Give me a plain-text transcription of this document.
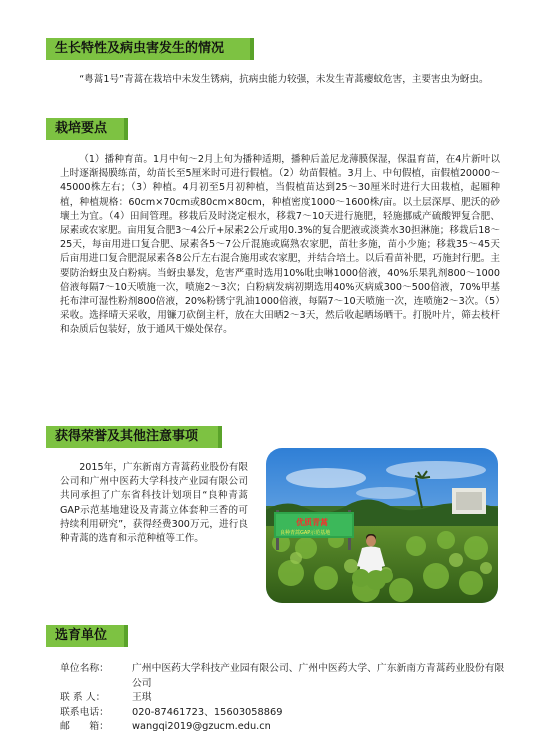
生长特性及病虫害发生的情况

“粤蒿1号”青蒿在栽培中未发生锈病，抗病虫能力较强，未发生青蒿瘿蚊危害，主要害虫为蚜虫。

栽培要点

（1）播种育苗。1月中旬～2月上旬为播种适期，播种后盖尼龙薄膜保湿，保温育苗，在4片新叶以上时逐渐揭膜练苗，幼苗长至5厘米时可进行假植。（2）幼苗假植。3月上、中旬假植，亩假植20000～45000株左右；（3）种植。4月初至5月初种植，当假植苗达到25～30厘米时进行大田栽植，起厢种植，种植规格：60cm×70cm或80cm×80cm，种植密度1000～1600株/亩。以土层深厚、肥沃的砂壤土为宜。（4）田间管理。移栽后及时浇定根水，移栽7～10天进行施肥，轻施挪威产硫酸钾复合肥、尿素或农家肥。亩用复合肥3～4公斤+尿素2公斤或用0.3%的复合肥液或淡粪水30担淋施；移栽后18～25天，每亩用进口复合肥、尿素各5～7公斤混施或腐熟农家肥，苗壮多施，苗小少施；移栽35～45天后亩用进口复合肥混尿素各8公斤左右混合施用或农家肥，并结合培土。以后看苗补肥，巧施封行肥。主要防治蚜虫及白粉病。当蚜虫暴发，危害严重时选用10%吡虫啉1000倍液，40%乐果乳剂800～1000倍液每隔7～10天喷施一次，喷施2～3次；白粉病发病初期选用40%灭病威300～500倍液，70%甲基托布津可湿性粉剂800倍液，20%粉锈宁乳油1000倍液，每隔7～10天喷施一次，连喷施2～3次。（5）采收。选择晴天采收，用镰刀砍倒主杆，放在大田晒2～3天，然后收起晒场晒干。打脱叶片，筛去枝杆和杂质后包装好，放于通风干燥处保存。

获得荣誉及其他注意事项

2015年，广东新南方青蒿药业股份有限公司和广州中医药大学科技产业园有限公司共同承担了广东省科技计划项目“良种青蒿GAP示范基地建设及青蒿立体套种三香的可持续利用研究”，获得经费300万元，进行良种青蒿的选育和示范种植等工作。

优质青蒿
良种青蒿GAP示范基地
选育单位
单位名称：	广州中医药大学科技产业园有限公司、广州中医药大学、广东新南方青蒿药业股份有限公司
联 系 人：	王琪
联系电话：	020-87461723、15603058869
邮　　箱：	wangqi2019@gzucm.edu.cn
